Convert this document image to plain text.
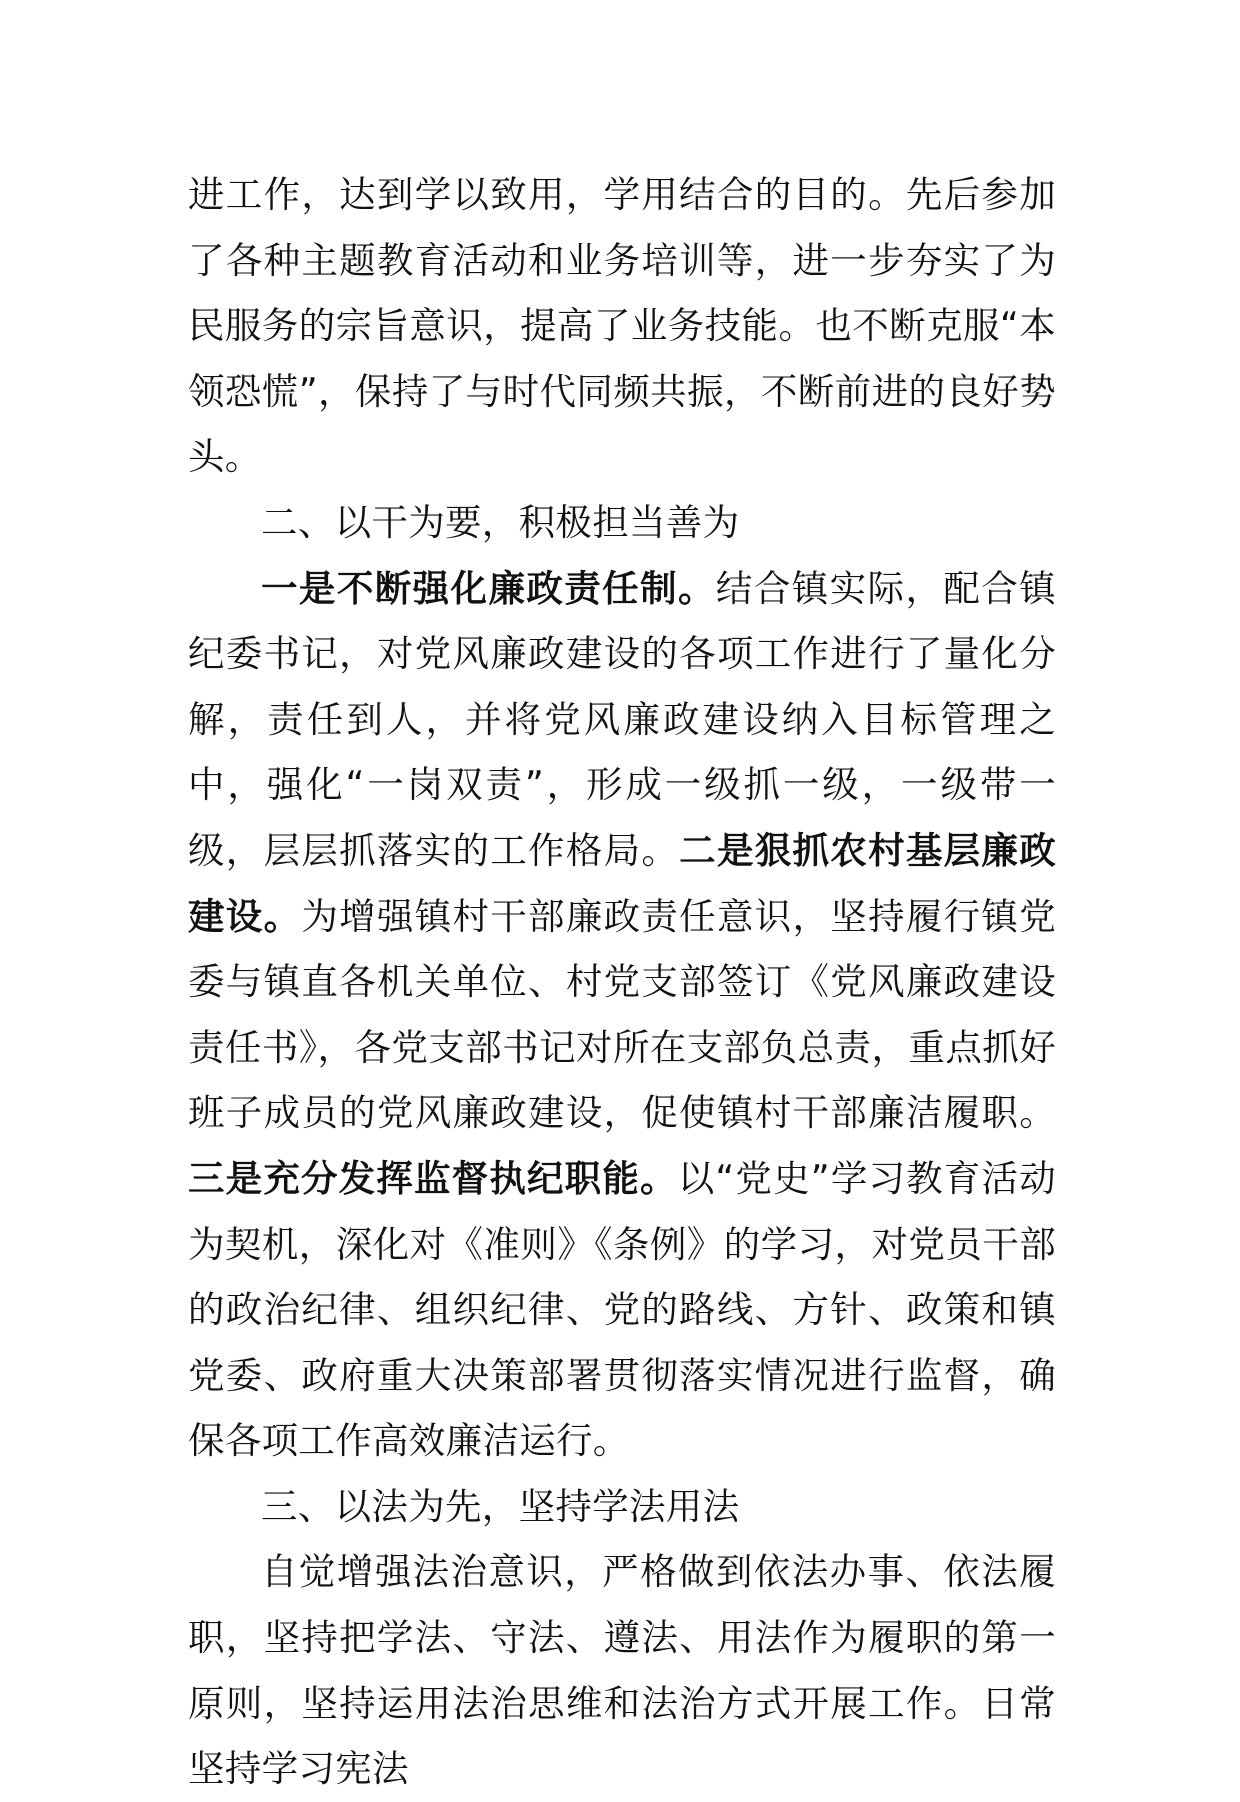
进工作，达到学以致用，学用结合的目的。先后参加了各种主题教育活动和业务培训等，进一步夯实了为民服务的宗旨意识，提高了业务技能。也不断克服“本领恐慌”，保持了与时代同频共振，不断前进的良好势头。

二、以干为要，积极担当善为

一是不断强化廉政责任制。结合镇实际，配合镇纪委书记，对党风廉政建设的各项工作进行了量化分解，责任到人，并将党风廉政建设纳入目标管理之中，强化“一岗双责”，形成一级抓一级，一级带一级，层层抓落实的工作格局。二是狠抓农村基层廉政建设。为增强镇村干部廉政责任意识，坚持履行镇党委与镇直各机关单位、村党支部签订《党风廉政建设责任书》，各党支部书记对所在支部负总责，重点抓好班子成员的党风廉政建设，促使镇村干部廉洁履职。三是充分发挥监督执纪职能。以“党史”学习教育活动为契机，深化对《准则》《条例》的学习，对党员干部的政治纪律、组织纪律、党的路线、方针、政策和镇党委、政府重大决策部署贯彻落实情况进行监督，确保各项工作高效廉洁运行。

三、以法为先，坚持学法用法

自觉增强法治意识，严格做到依法办事、依法履职，坚持把学法、守法、遵法、用法作为履职的第一原则，坚持运用法治思维和法治方式开展工作。日常坚持学习宪法
